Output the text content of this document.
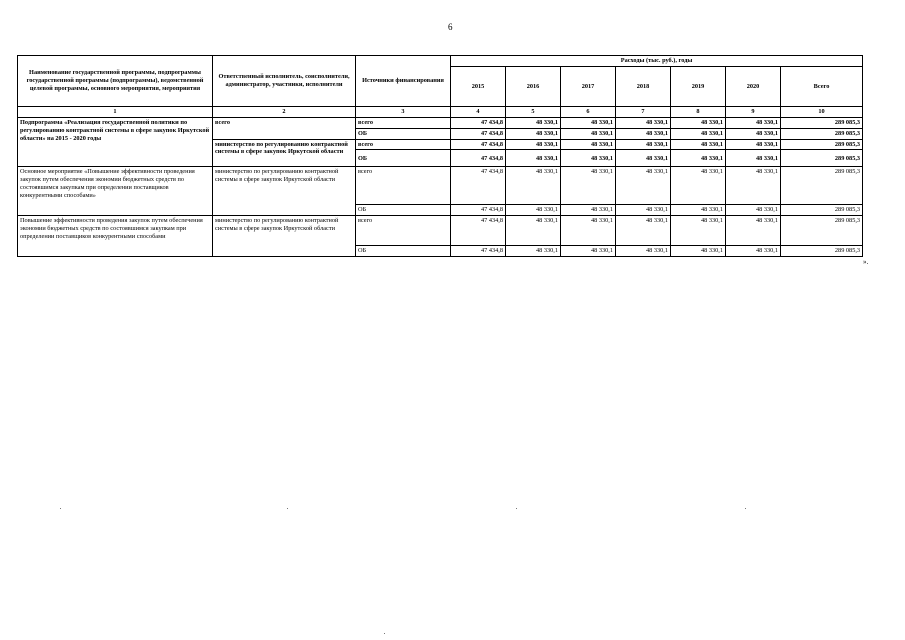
6
Наименование государственной программы, подпрограммы государственной программы (подпрограммы), ведомственной целевой программы, основного мероприятия, мероприятия	Ответственный исполнитель, соисполнители, администратор, участники, исполнители	Источники финансирования	Расходы (тыс. руб.), годы						
			2015	2016	2017	2018	2019	2020	Всего
1	2	3	4	5	6	7	8	9	10
Подпрограмма «Реализация государственной политики по регулированию контрактной системы в сфере закупок Иркутской области» на 2015 - 2020 годы	всего	всего	47 434,8	48 330,1	48 330,1	48 330,1	48 330,1	48 330,1	289 085,3
		ОБ	47 434,8	48 330,1	48 330,1	48 330,1	48 330,1	48 330,1	289 085,3
	министерство по регулированию контрактной системы в сфере закупок Иркутской области	всего	47 434,8	48 330,1	48 330,1	48 330,1	48 330,1	48 330,1	289 085,3
		ОБ	47 434,8	48 330,1	48 330,1	48 330,1	48 330,1	48 330,1	289 085,3
Основное мероприятие «Повышение эффективности проведения закупок путем обеспечения экономии бюджетных средств по состоявшимся закупкам при определении поставщиков конкурентными способами»	министерство по регулированию контрактной системы в сфере закупок Иркутской области	всего	47 434,8	48 330,1	48 330,1	48 330,1	48 330,1	48 330,1	289 085,3
		ОБ	47 434,8	48 330,1	48 330,1	48 330,1	48 330,1	48 330,1	289 085,3
Повышение эффективности проведения закупок путем обеспечения экономии бюджетных средств по состоявшимся закупкам при определении поставщиков конкурентными способами	министерство по регулированию контрактной системы в сфере закупок Иркутской области	всего	47 434,8	48 330,1	48 330,1	48 330,1	48 330,1	48 330,1	289 085,3
		ОБ	47 434,8	48 330,1	48 330,1	48 330,1	48 330,1	48 330,1	289 085,3
».
